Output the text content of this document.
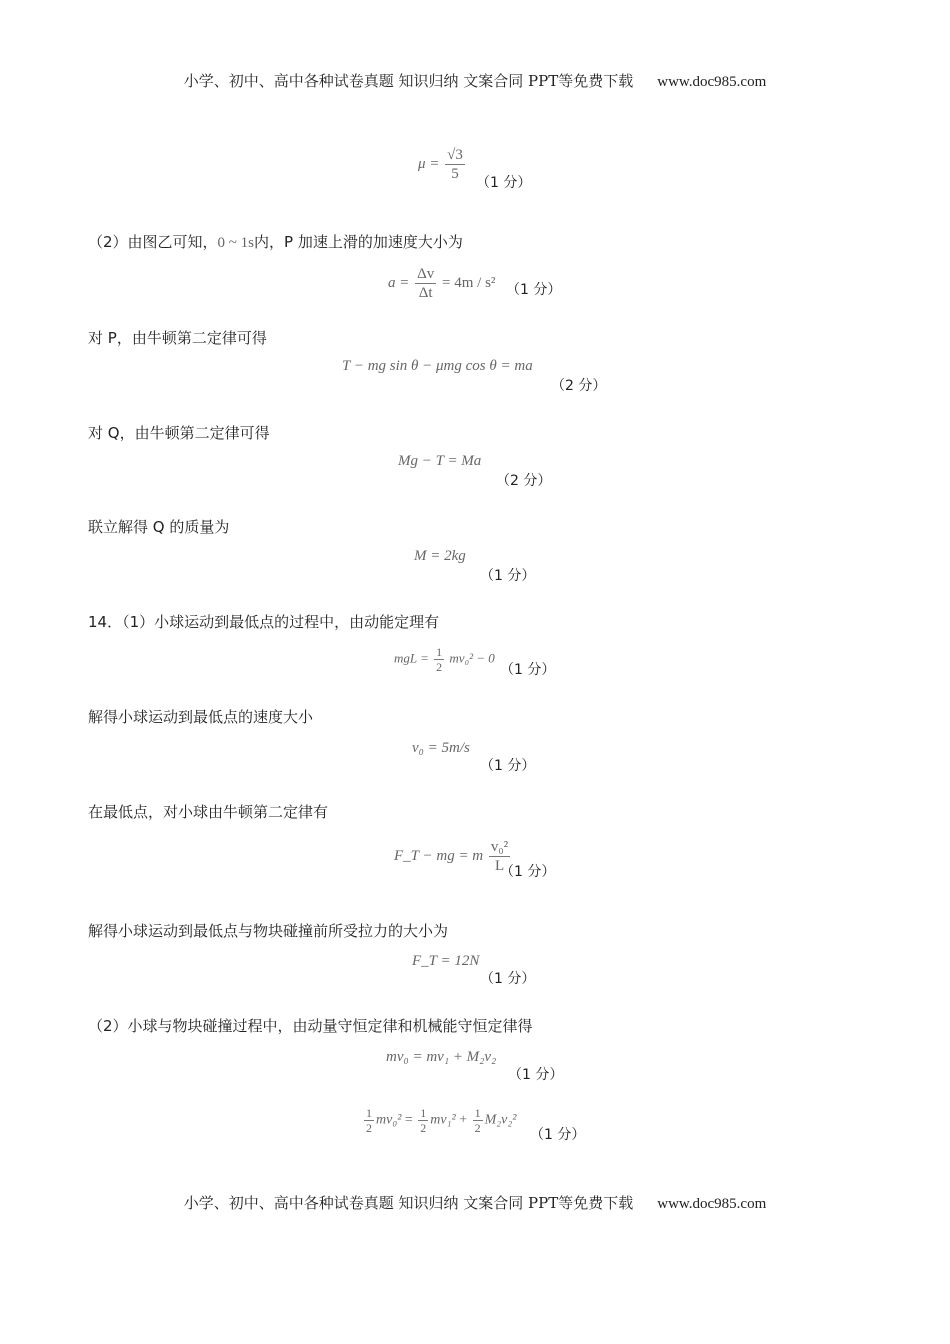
小学、初中、高中各种试卷真题 知识归纳 文案合同 PPT等免费下载 www.doc985.com
$\mu = \frac{√3}{5} (1$ 分）
（2）由图乙可知，0 ~ 1s内，P 加速上滑的加速度大小为
$a = \frac{\Delta v}{\Delta t} = 4m / s^2$ （1 分）
对 P，由牛顿第二定律可得
T − mg sin θ − μmg cos θ = ma
（2 分）
对 Q，由牛顿第二定律可得
Mg − T = Ma
（2 分）
联立解得 Q 的质量为
M = 2kg
（1 分）
14．（1）小球运动到最低点的过程中，由动能定理有
mgL = $\frac{1}{2} mv_0^2 - 0$
（1 分）
解得小球运动到最低点的速度大小
v₀ = 5m/s
（1 分）
在最低点，对小球由牛顿第二定律有
F_T − mg = m $\frac{\text{v₀²}}{L}$
（1 分）
解得小球运动到最低点与物块碰撞前所受拉力的大小为
F_T = 12N
（1 分）
（2）小球与物块碰撞过程中，由动量守恒定律和机械能守恒定律得
mv₀ = mv₁ + M₂v₂
（1 分）
$\frac{1}{2} mv_0^2 = \frac{1}{2} mv_1^2 + \frac{1}{2} M_2v_2^2$
（1 分）
小学、初中、高中各种试卷真题 知识归纳 文案合同 PPT等免费下载 www.doc985.com
